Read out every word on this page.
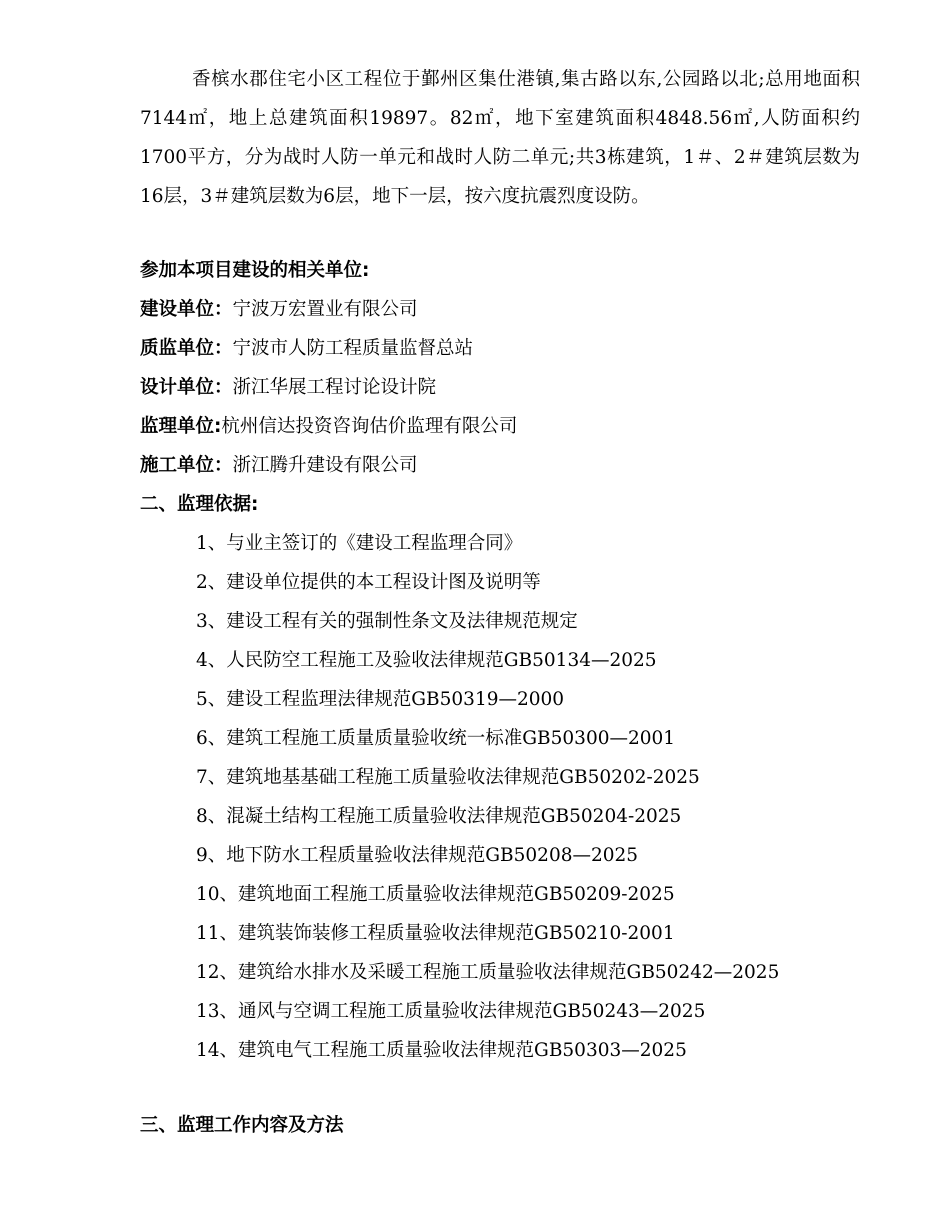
香槟水郡住宅小区工程位于鄞州区集仕港镇,集古路以东,公园路以北;总用地面积7144㎡，地上总建筑面积19897。82㎡，地下室建筑面积4848.56㎡,人防面积约1700平方，分为战时人防一单元和战时人防二单元;共3栋建筑，1＃、2＃建筑层数为16层，3＃建筑层数为6层，地下一层，按六度抗震烈度设防。

参加本项目建设的相关单位:

建设单位：宁波万宏置业有限公司

质监单位：宁波市人防工程质量监督总站

设计单位：浙江华展工程讨论设计院

监理单位:杭州信达投资咨询估价监理有限公司

施工单位：浙江腾升建设有限公司

二、监理依据:

1、与业主签订的《建设工程监理合同》

2、建设单位提供的本工程设计图及说明等

3、建设工程有关的强制性条文及法律规范规定

4、人民防空工程施工及验收法律规范GB50134—2025

5、建设工程监理法律规范GB50319—2000

6、建筑工程施工质量质量验收统一标准GB50300—2001

7、建筑地基基础工程施工质量验收法律规范GB50202-2025

8、混凝土结构工程施工质量验收法律规范GB50204-2025

9、地下防水工程质量验收法律规范GB50208—2025

10、建筑地面工程施工质量验收法律规范GB50209-2025

11、建筑装饰装修工程质量验收法律规范GB50210-2001

12、建筑给水排水及采暖工程施工质量验收法律规范GB50242—2025

13、通风与空调工程施工质量验收法律规范GB50243—2025

14、建筑电气工程施工质量验收法律规范GB50303—2025

三、监理工作内容及方法
